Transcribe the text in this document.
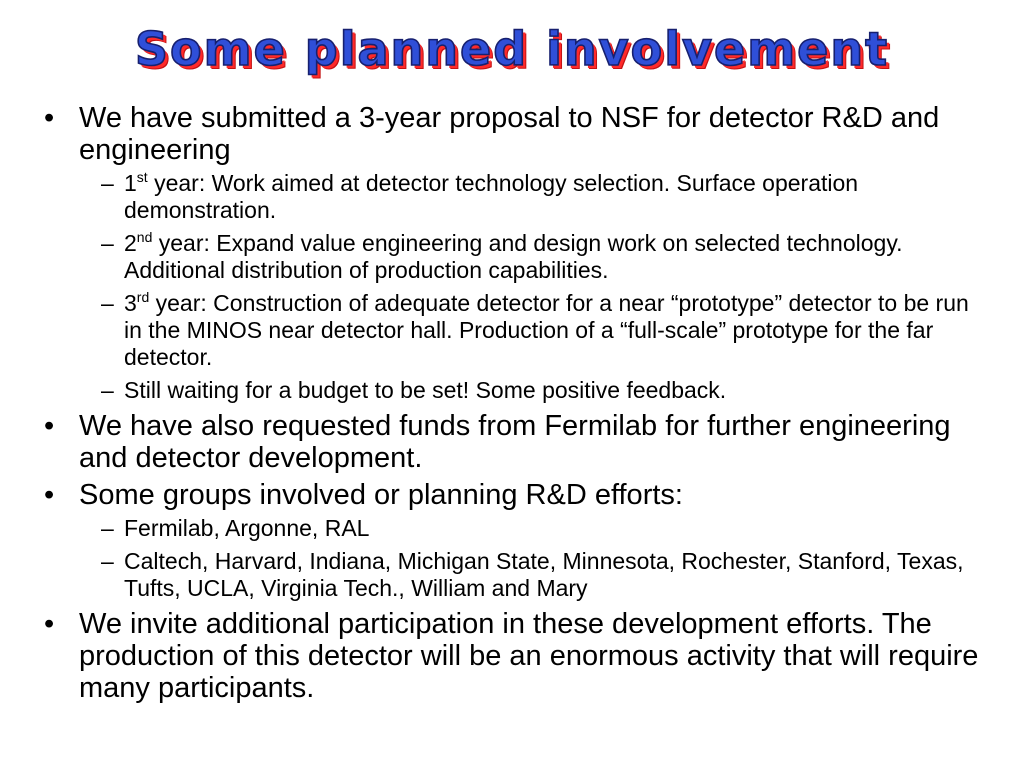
Some planned involvement
• We have submitted a 3-year proposal to NSF for detector R&D and engineering
– 1st year: Work aimed at detector technology selection. Surface operation demonstration.
– 2nd year: Expand value engineering and design work on selected technology. Additional distribution of production capabilities.
– 3rd year: Construction of adequate detector for a near “prototype” detector to be run in the MINOS near detector hall. Production of a “full-scale” prototype for the far detector.
– Still waiting for a budget to be set! Some positive feedback.
• We have also requested funds from Fermilab for further engineering and detector development.
• Some groups involved or planning R&D efforts:
– Fermilab, Argonne, RAL
– Caltech, Harvard, Indiana, Michigan State, Minnesota, Rochester, Stanford, Texas, Tufts, UCLA, Virginia Tech., William and Mary
• We invite additional participation in these development efforts. The production of this detector will be an enormous activity that will require many participants.
